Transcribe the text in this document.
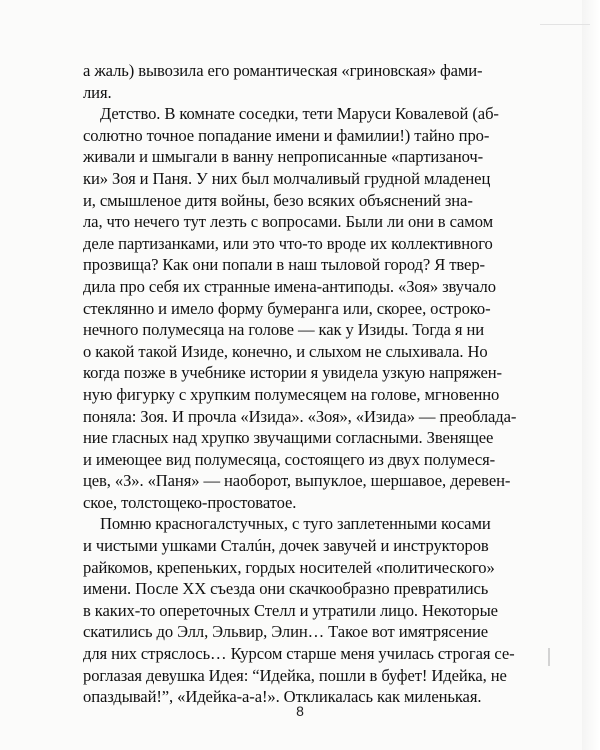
а жаль) вывозила его романтическая «гриновская» фами-
лия.
Детство. В комнате соседки, тети Маруси Ковалевой (аб-
солютно точное попадание имени и фамилии!) тайно про-
живали и шмыгали в ванну непрописанные «партизаноч-
ки» Зоя и Паня. У них был молчаливый грудной младенец
и, смышленое дитя войны, безо всяких объяснений зна-
ла, что нечего тут лезть с вопросами. Были ли они в самом
деле партизанками, или это что-то вроде их коллективного
прозвища? Как они попали в наш тыловой город? Я твер-
дила про себя их странные имена-антиподы. «Зоя» звучало
стеклянно и имело форму бумеранга или, скорее, остроко-
нечного полумесяца на голове — как у Изиды. Тогда я ни
о какой такой Изиде, конечно, и слыхом не слыхивала. Но
когда позже в учебнике истории я увидела узкую напряжен-
ную фигурку с хрупким полумесяцем на голове, мгновенно
поняла: Зоя. И прочла «Изида». «Зоя», «Изида» — преоблада-
ние гласных над хрупко звучащими согласными. Звенящее
и имеющее вид полумесяца, состоящего из двух полумеся-
цев, «З». «Паня» — наоборот, выпуклое, шершавое, деревен-
ское, толстощеко-простоватое.
Помню красногалстучных, с туго заплетенными косами
и чистыми ушками Сталúн, дочек завучей и инструкторов
райкомов, крепеньких, гордых носителей «политического»
имени. После XX съезда они скачкообразно превратились
в каких-то опереточных Стелл и утратили лицо. Некоторые
скатились до Элл, Эльвир, Элин… Такое вот имятрясение
для них стряслось… Курсом старше меня училась строгая се-
роглазая девушка Идея: “Идейка, пошли в буфет! Идейка, не
опаздывай!”, «Идейка-а-а!». Откликалась как миленькая.
8
